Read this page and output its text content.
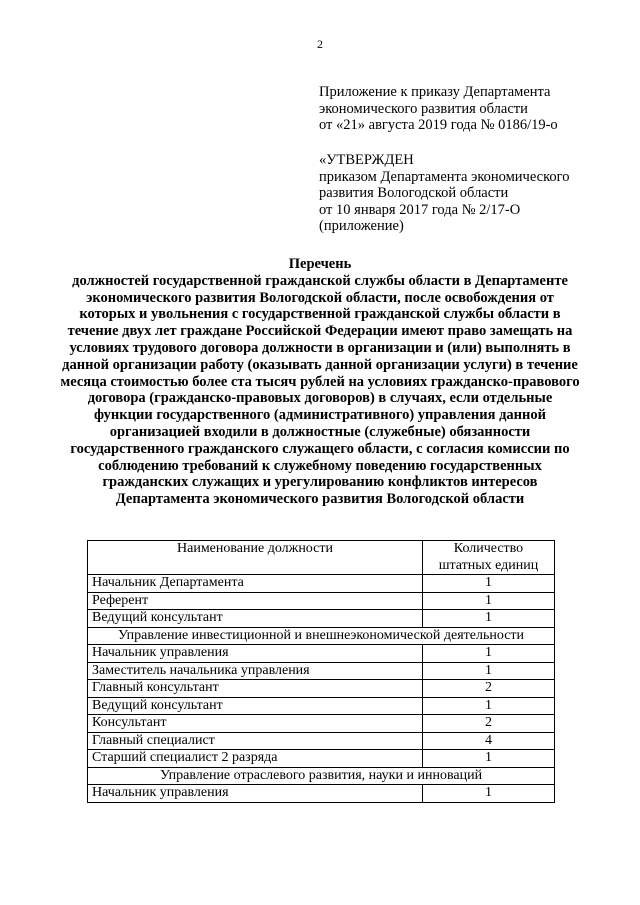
2
Приложение к приказу Департамента
экономического развития области
от «21» августа 2019 года № 0186/19-о
«УТВЕРЖДЕН
приказом Департамента экономического
развития Вологодской области
от 10 января 2017 года № 2/17-О
(приложение)
Перечень
должностей государственной гражданской службы области в Департаменте экономического развития Вологодской области, после освобождения от которых и увольнения с государственной гражданской службы области в течение двух лет граждане Российской Федерации имеют право замещать на условиях трудового договора должности в организации и (или) выполнять в данной организации работу (оказывать данной организации услуги) в течение месяца стоимостью более ста тысяч рублей на условиях гражданско-правового договора (гражданско-правовых договоров) в случаях, если отдельные функции государственного (административного) управления данной организацией входили в должностные (служебные) обязанности государственного гражданского служащего области, с согласия комиссии по соблюдению требований к служебному поведению государственных гражданских служащих и урегулированию конфликтов интересов Департамента экономического развития Вологодской области
Наименование должности	Количество штатных единиц
Начальник Департамента	1
Референт	1
Ведущий консультант	1
Управление инвестиционной и внешнеэкономической деятельности	
Начальник управления	1
Заместитель начальника управления	1
Главный консультант	2
Ведущий консультант	1
Консультант	2
Главный специалист	4
Старший специалист 2 разряда	1
Управление отраслевого развития, науки и инноваций	
Начальник управления	1
